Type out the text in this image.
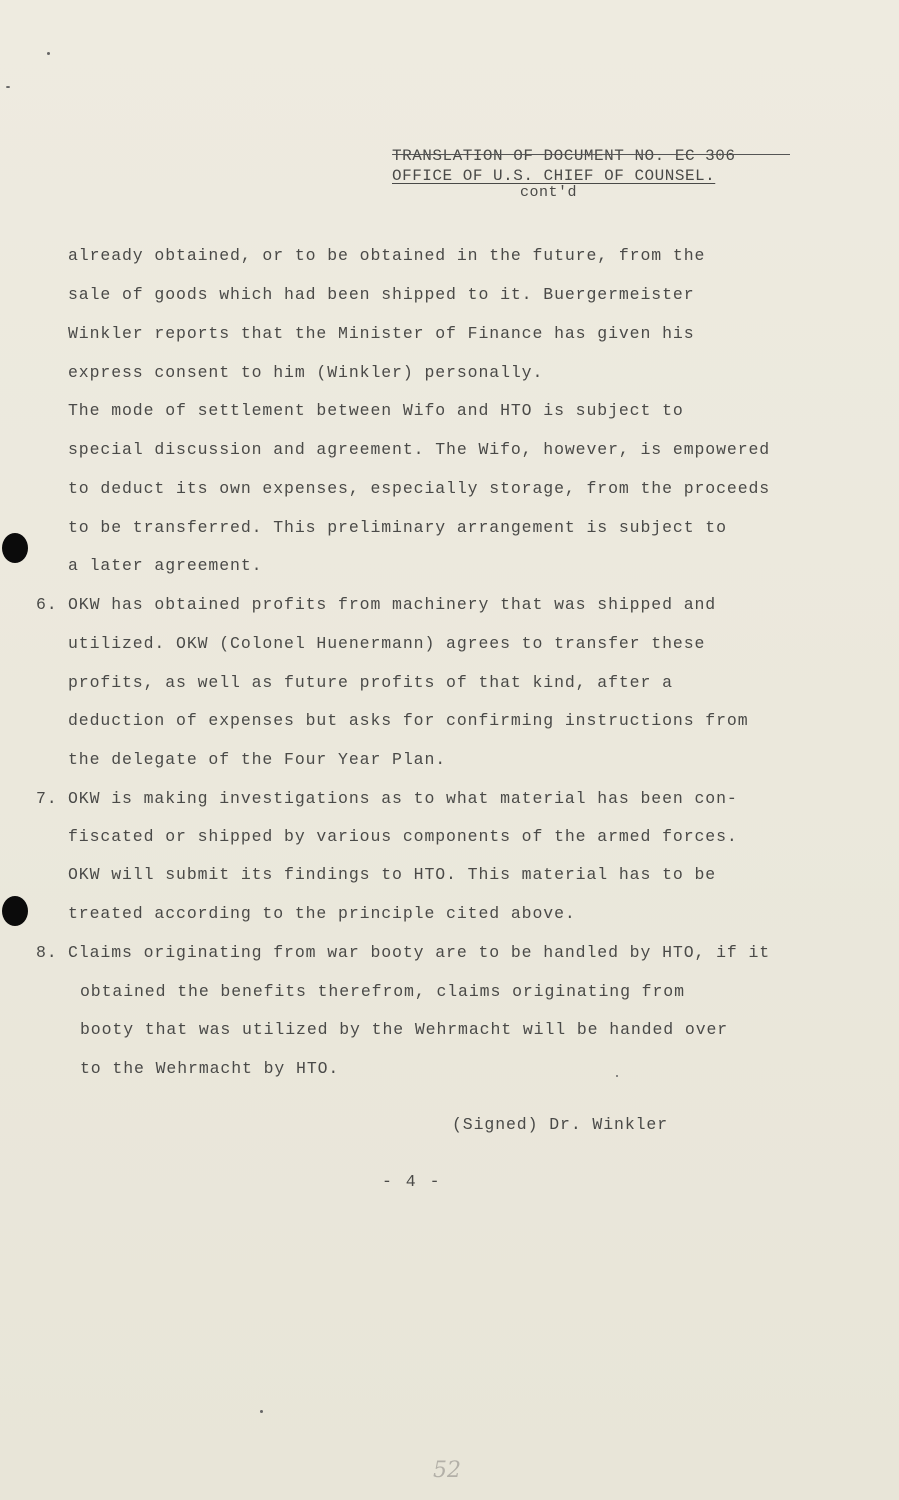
TRANSLATION OF DOCUMENT NO. EC 306
OFFICE OF U.S. CHIEF OF COUNSEL.
cont'd
already obtained, or to be obtained in the future, from the
sale of goods which had been shipped to it. Buergermeister
Winkler reports that the Minister of Finance has given his
express consent to him (Winkler) personally.
The mode of settlement between Wifo and HTO is subject to
special discussion and agreement. The Wifo, however, is empowered
to deduct its own expenses, especially storage, from the proceeds
to be transferred. This preliminary arrangement is subject to
a later agreement.
6. OKW has obtained profits from machinery that was shipped and
utilized. OKW (Colonel Huenermann) agrees to transfer these
profits, as well as future profits of that kind, after a
deduction of expenses but asks for confirming instructions from
the delegate of the Four Year Plan.
7. OKW is making investigations as to what material has been con-
fiscated or shipped by various components of the armed forces.
OKW will submit its findings to HTO. This material has to be
treated according to the principle cited above.
8. Claims originating from war booty are to be handled by HTO, if it
obtained the benefits therefrom, claims originating from
booty that was utilized by the Wehrmacht will be handed over
to the Wehrmacht by HTO.
(Signed) Dr. Winkler
- 4 -
52
